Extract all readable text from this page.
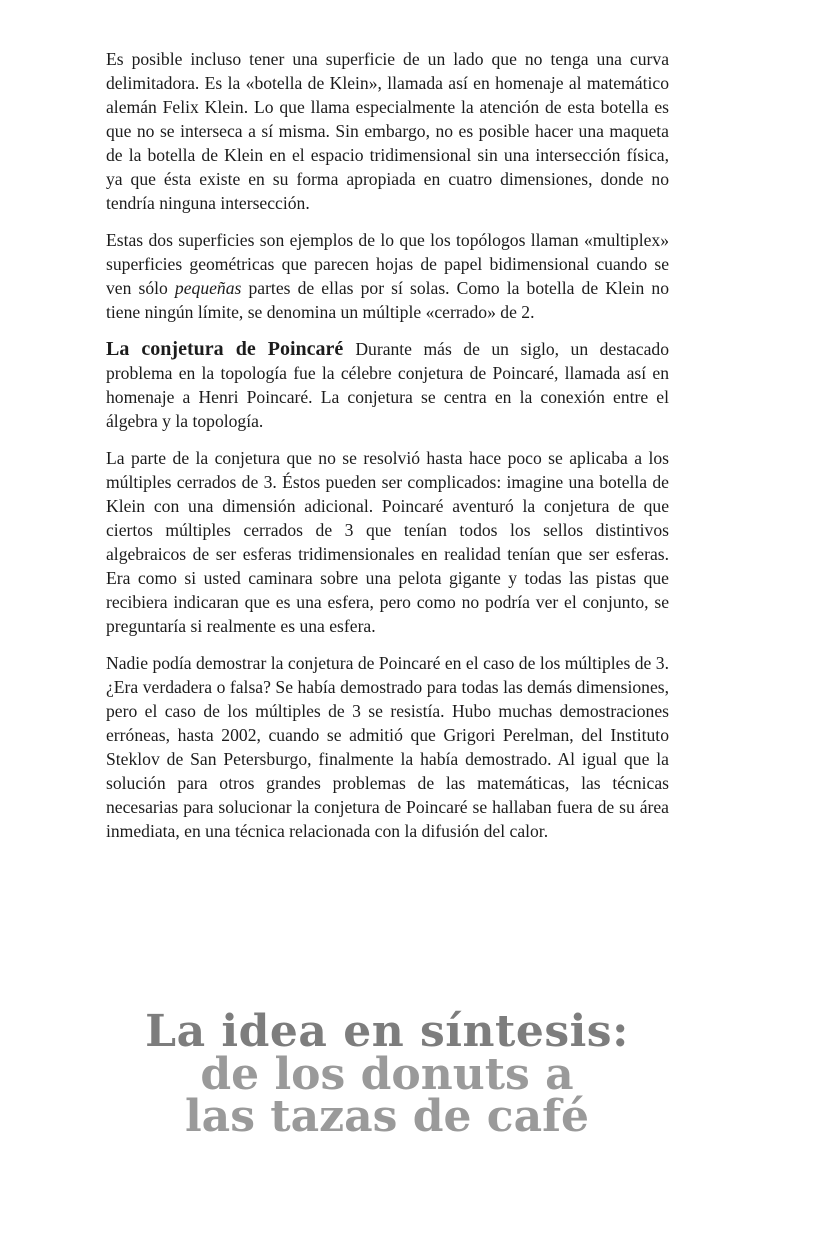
Es posible incluso tener una superficie de un lado que no tenga una curva delimitadora. Es la «botella de Klein», llamada así en homenaje al matemático alemán Felix Klein. Lo que llama especialmente la atención de esta botella es que no se interseca a sí misma. Sin embargo, no es posible hacer una maqueta de la botella de Klein en el espacio tridimensional sin una intersección física, ya que ésta existe en su forma apropiada en cuatro dimensiones, donde no tendría ninguna intersección.

Estas dos superficies son ejemplos de lo que los topólogos llaman «multiplex» superficies geométricas que parecen hojas de papel bidimensional cuando se ven sólo pequeñas partes de ellas por sí solas. Como la botella de Klein no tiene ningún límite, se denomina un múltiple «cerrado» de 2.

La conjetura de Poincaré Durante más de un siglo, un destacado problema en la topología fue la célebre conjetura de Poincaré, llamada así en homenaje a Henri Poincaré. La conjetura se centra en la conexión entre el álgebra y la topología.

La parte de la conjetura que no se resolvió hasta hace poco se aplicaba a los múltiples cerrados de 3. Éstos pueden ser complicados: imagine una botella de Klein con una dimensión adicional. Poincaré aventuró la conjetura de que ciertos múltiples cerrados de 3 que tenían todos los sellos distintivos algebraicos de ser esferas tridimensionales en realidad tenían que ser esferas. Era como si usted caminara sobre una pelota gigante y todas las pistas que recibiera indicaran que es una esfera, pero como no podría ver el conjunto, se preguntaría si realmente es una esfera.

Nadie podía demostrar la conjetura de Poincaré en el caso de los múltiples de 3. ¿Era verdadera o falsa? Se había demostrado para todas las demás dimensiones, pero el caso de los múltiples de 3 se resistía. Hubo muchas demostraciones erróneas, hasta 2002, cuando se admitió que Grigori Perelman, del Instituto Steklov de San Petersburgo, finalmente la había demostrado. Al igual que la solución para otros grandes problemas de las matemáticas, las técnicas necesarias para solucionar la conjetura de Poincaré se hallaban fuera de su área inmediata, en una técnica relacionada con la difusión del calor.

La idea en síntesis:
de los donuts a
las tazas de café
